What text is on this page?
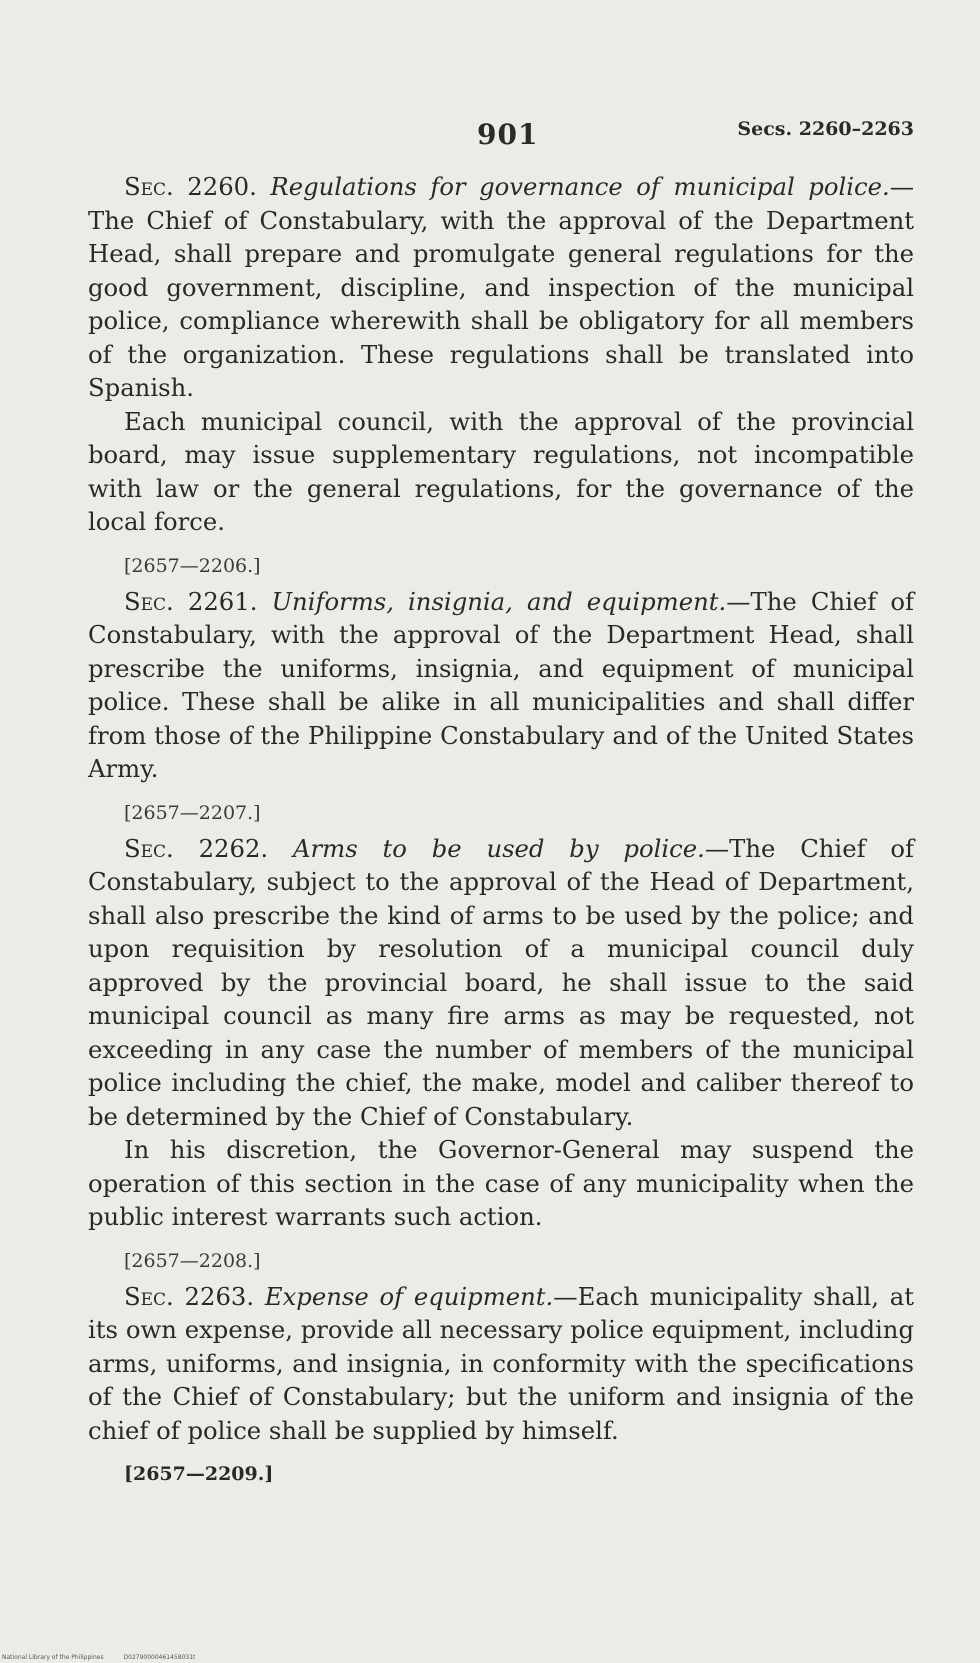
901	Secs. 2260–2263

Sec. 2260. Regulations for governance of municipal police.—The Chief of Constabulary, with the approval of the Department Head, shall prepare and promulgate general regulations for the good government, discipline, and inspection of the municipal police, compliance wherewith shall be obligatory for all members of the organization. These regulations shall be translated into Spanish.

Each municipal council, with the approval of the provincial board, may issue supplementary regulations, not incompatible with law or the general regulations, for the governance of the local force.

[2657—2206.]

Sec. 2261. Uniforms, insignia, and equipment.—The Chief of Constabulary, with the approval of the Department Head, shall prescribe the uniforms, insignia, and equipment of municipal police. These shall be alike in all municipalities and shall differ from those of the Philippine Constabulary and of the United States Army.

[2657—2207.]

Sec. 2262. Arms to be used by police.—The Chief of Constabulary, subject to the approval of the Head of Department, shall also prescribe the kind of arms to be used by the police; and upon requisition by resolution of a municipal council duly approved by the provincial board, he shall issue to the said municipal council as many fire arms as may be requested, not exceeding in any case the number of members of the municipal police including the chief, the make, model and caliber thereof to be determined by the Chief of Constabulary.

In his discretion, the Governor-General may suspend the operation of this section in the case of any municipality when the public interest warrants such action.

[2657—2208.]

Sec. 2263. Expense of equipment.—Each municipality shall, at its own expense, provide all necessary police equipment, including arms, uniforms, and insignia, in conformity with the specifications of the Chief of Constabulary; but the uniform and insignia of the chief of police shall be supplied by himself.

[2657—2209.]
National Library of the Philippines	D02790000461458031t
